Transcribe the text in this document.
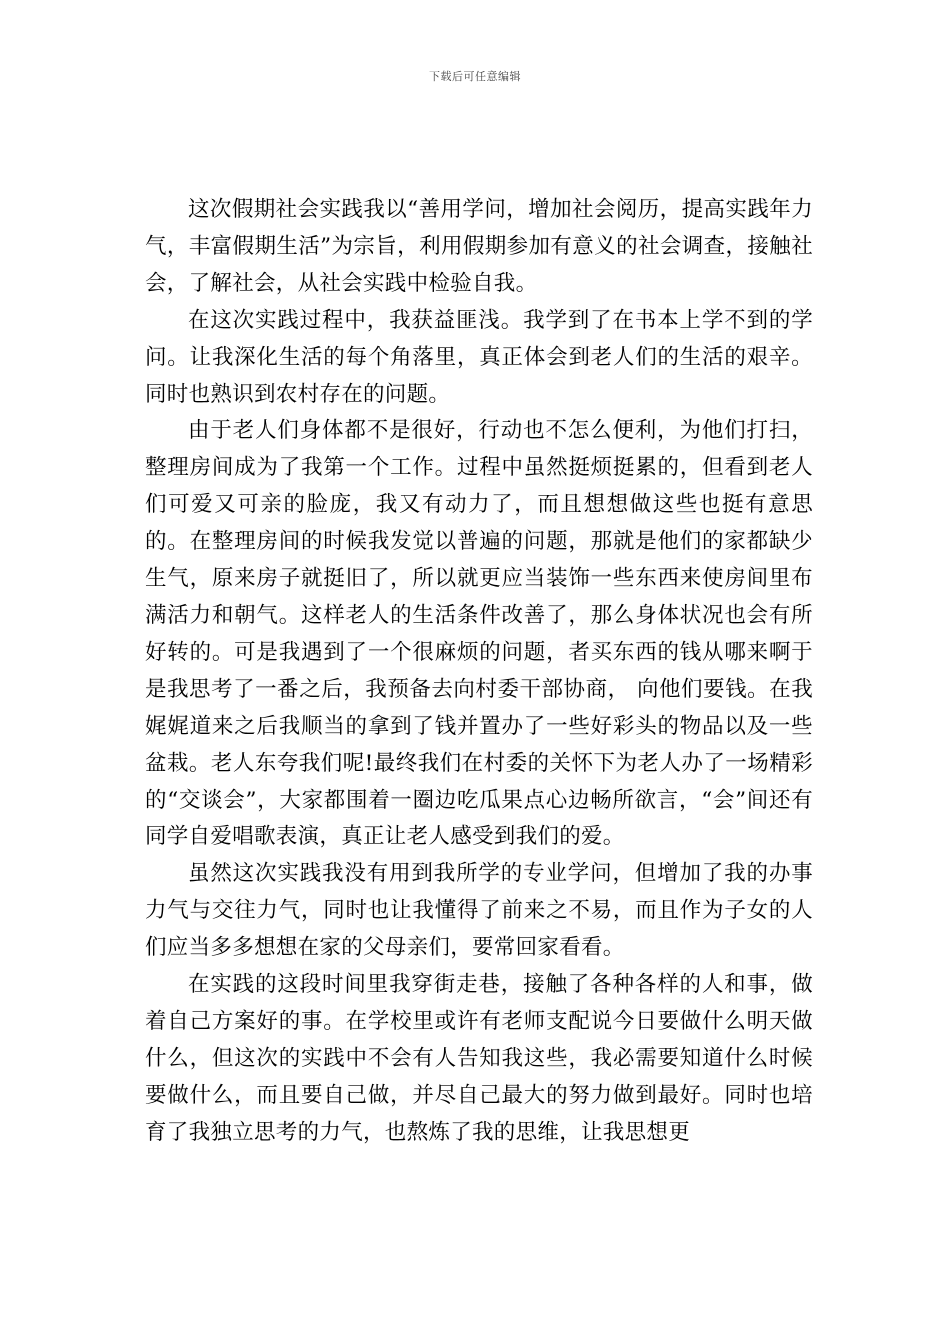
下载后可任意编辑

这次假期社会实践我以“善用学问，增加社会阅历，提高实践年力气，丰富假期生活”为宗旨，利用假期参加有意义的社会调查，接触社会，了解社会，从社会实践中检验自我。

在这次实践过程中，我获益匪浅。我学到了在书本上学不到的学问。让我深化生活的每个角落里，真正体会到老人们的生活的艰辛。同时也熟识到农村存在的问题。

由于老人们身体都不是很好，行动也不怎么便利，为他们打扫，整理房间成为了我第一个工作。过程中虽然挺烦挺累的，但看到老人们可爱又可亲的脸庞，我又有动力了，而且想想做这些也挺有意思的。在整理房间的时候我发觉以普遍的问题，那就是他们的家都缺少生气，原来房子就挺旧了，所以就更应当装饰一些东西来使房间里布满活力和朝气。这样老人的生活条件改善了，那么身体状况也会有所好转的。可是我遇到了一个很麻烦的问题，者买东西的钱从哪来啊于是我思考了一番之后，我预备去向村委干部协商， 向他们要钱。在我娓娓道来之后我顺当的拿到了钱并置办了一些好彩头的物品以及一些盆栽。老人东夸我们呢!最终我们在村委的关怀下为老人办了一场精彩的“交谈会”，大家都围着一圈边吃瓜果点心边畅所欲言，“会”间还有同学自爱唱歌表演，真正让老人感受到我们的爱。

虽然这次实践我没有用到我所学的专业学问，但增加了我的办事力气与交往力气，同时也让我懂得了前来之不易，而且作为子女的人们应当多多想想在家的父母亲们，要常回家看看。

在实践的这段时间里我穿街走巷，接触了各种各样的人和事，做着自己方案好的事。在学校里或许有老师支配说今日要做什么明天做什么，但这次的实践中不会有人告知我这些，我必需要知道什么时候要做什么，而且要自己做，并尽自己最大的努力做到最好。同时也培育了我独立思考的力气，也熬炼了我的思维，让我思想更
